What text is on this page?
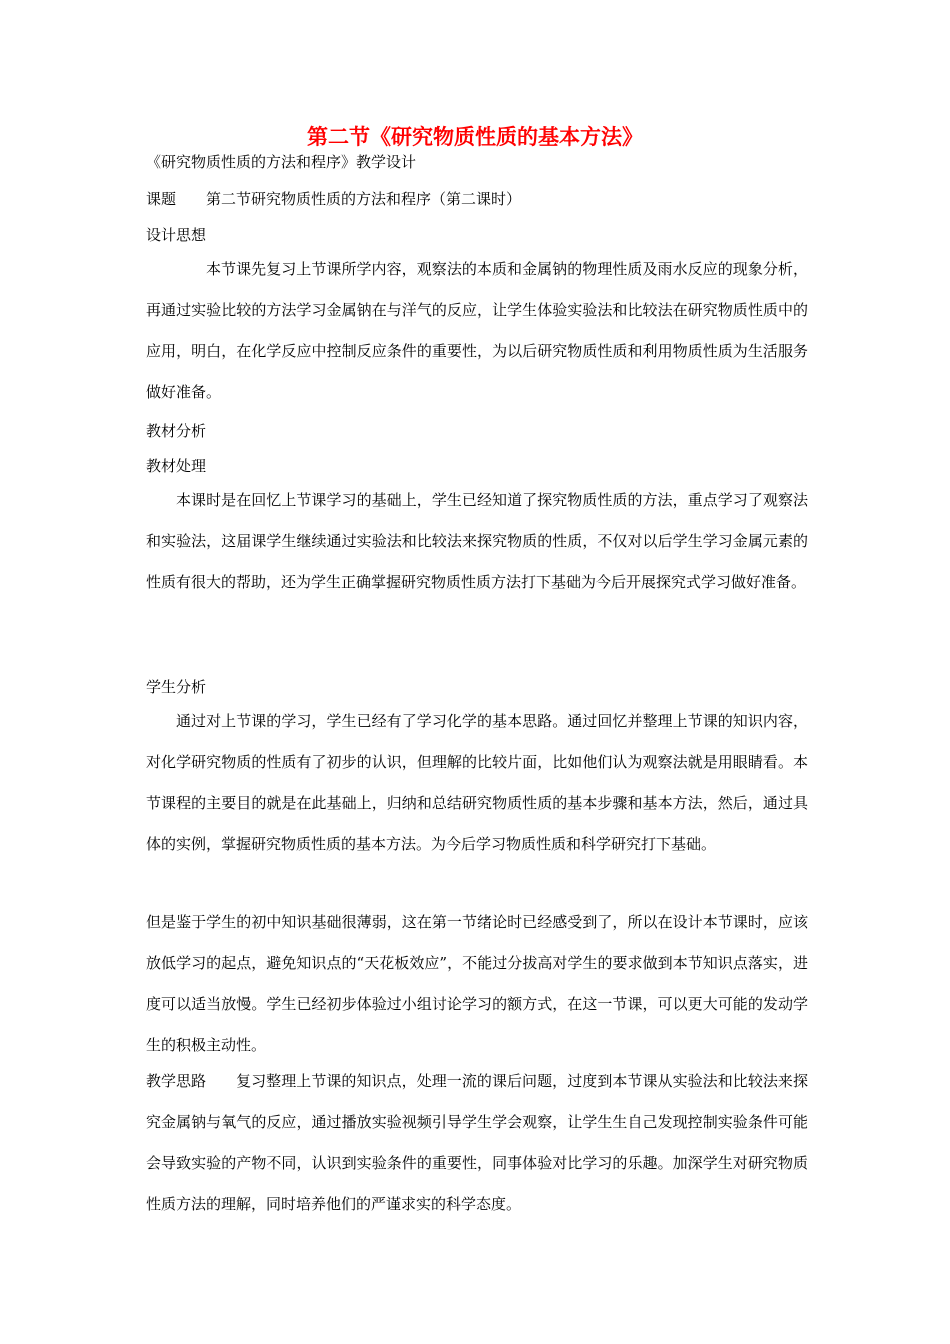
第二节《研究物质性质的基本方法》
《研究物质性质的方法和程序》教学设计
课题 第二节研究物质性质的方法和程序（第二课时）
设计思想

本节课先复习上节课所学内容，观察法的本质和金属钠的物理性质及雨水反应的现象分析，再通过实验比较的方法学习金属钠在与洋气的反应，让学生体验实验法和比较法在研究物质性质中的应用，明白，在化学反应中控制反应条件的重要性，为以后研究物质性质和利用物质性质为生活服务做好准备。

教材分析
教材处理

本课时是在回忆上节课学习的基础上，学生已经知道了探究物质性质的方法，重点学习了观察法和实验法，这届课学生继续通过实验法和比较法来探究物质的性质，不仅对以后学生学习金属元素的性质有很大的帮助，还为学生正确掌握研究物质性质方法打下基础为今后开展探究式学习做好准备。

学生分析

通过对上节课的学习，学生已经有了学习化学的基本思路。通过回忆并整理上节课的知识内容，对化学研究物质的性质有了初步的认识，但理解的比较片面，比如他们认为观察法就是用眼睛看。本节课程的主要目的就是在此基础上，归纳和总结研究物质性质的基本步骤和基本方法，然后，通过具体的实例，掌握研究物质性质的基本方法。为今后学习物质性质和科学研究打下基础。

但是鉴于学生的初中知识基础很薄弱，这在第一节绪论时已经感受到了，所以在设计本节课时，应该放低学习的起点，避免知识点的“天花板效应”，不能过分拔高对学生的要求做到本节知识点落实，进度可以适当放慢。学生已经初步体验过小组讨论学习的额方式，在这一节课，可以更大可能的发动学生的积极主动性。

教学思路 复习整理上节课的知识点，处理一流的课后问题，过度到本节课从实验法和比较法来探究金属钠与氧气的反应，通过播放实验视频引导学生学会观察，让学生生自己发现控制实验条件可能会导致实验的产物不同，认识到实验条件的重要性，同事体验对比学习的乐趣。加深学生对研究物质性质方法的理解，同时培养他们的严谨求实的科学态度。
